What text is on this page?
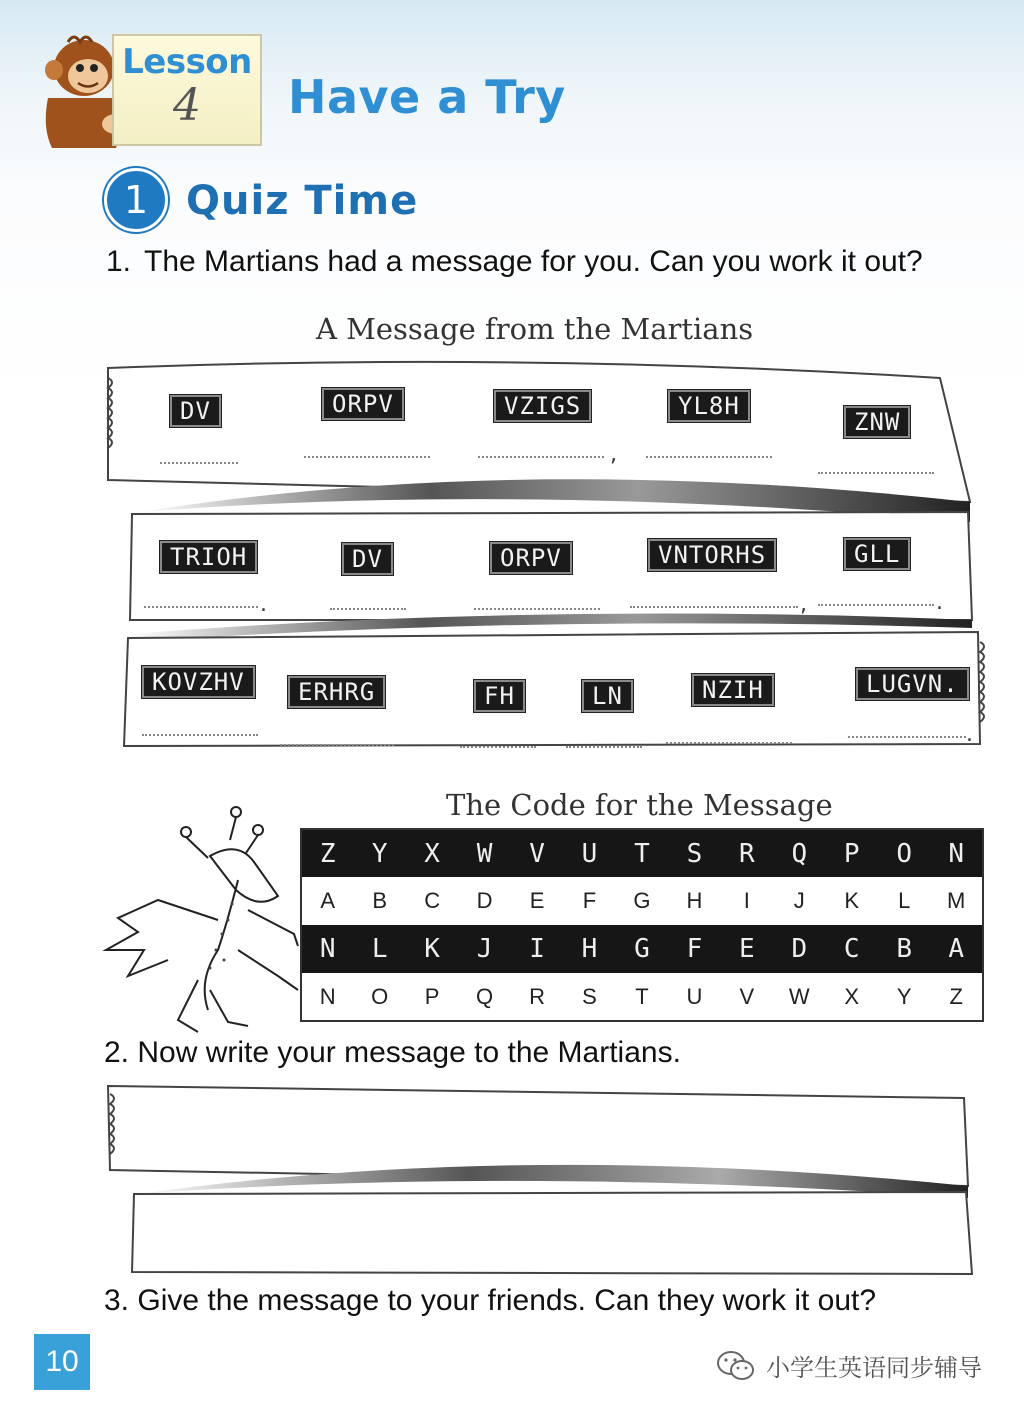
Lesson
4	Have a Try
1 Quiz Time
1. The Martians had a message for you. Can you work it out?
A Message from the Martians
DV	ORPV	VZIGS	YL8H
ZNW
,
TRIOH	DV	ORPV	VNTORHS	GLL
.	,	.
KOVZHV	ERHRG	FH	LN	NZIH	LUGVN.
.
The Code for the Message
Z	Y	X	W	V	U	T	S	R	Q	P	O	N
A	B	C	D	E	F	G	H	I	J	K	L	M
N	L	K	J	I	H	G	F	E	D	C	B	A
N	O	P	Q	R	S	T	U	V	W	X	Y	Z
2. Now write your message to the Martians.
3. Give the message to your friends. Can they work it out?
10	小学生英语同步辅导
